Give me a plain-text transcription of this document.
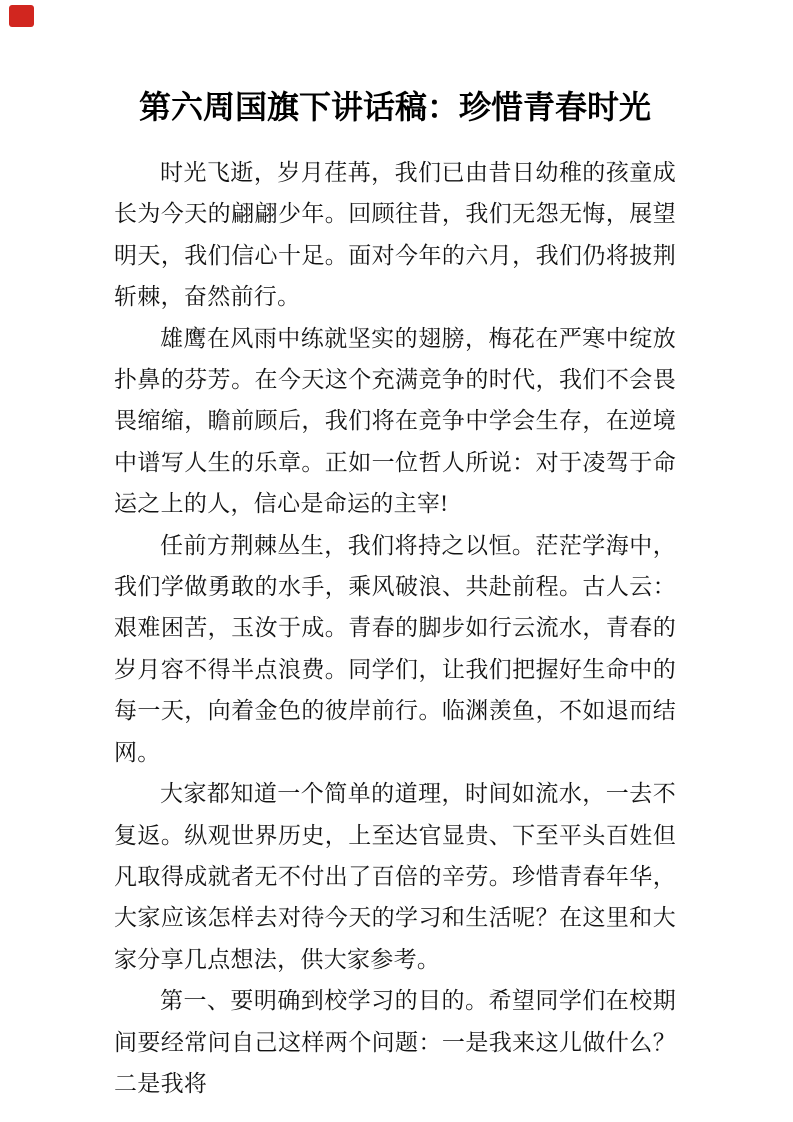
第六周国旗下讲话稿：珍惜青春时光

时光飞逝，岁月荏苒，我们已由昔日幼稚的孩童成长为今天的翩翩少年。回顾往昔，我们无怨无悔，展望明天，我们信心十足。面对今年的六月，我们仍将披荆斩棘，奋然前行。

雄鹰在风雨中练就坚实的翅膀，梅花在严寒中绽放扑鼻的芬芳。在今天这个充满竞争的时代，我们不会畏畏缩缩，瞻前顾后，我们将在竞争中学会生存，在逆境中谱写人生的乐章。正如一位哲人所说：对于凌驾于命运之上的人，信心是命运的主宰!

任前方荆棘丛生，我们将持之以恒。茫茫学海中，我们学做勇敢的水手，乘风破浪、共赴前程。古人云：艰难困苦，玉汝于成。青春的脚步如行云流水，青春的岁月容不得半点浪费。同学们，让我们把握好生命中的每一天，向着金色的彼岸前行。临渊羡鱼，不如退而结网。

大家都知道一个简单的道理，时间如流水，一去不复返。纵观世界历史，上至达官显贵、下至平头百姓但凡取得成就者无不付出了百倍的辛劳。珍惜青春年华，大家应该怎样去对待今天的学习和生活呢？在这里和大家分享几点想法，供大家参考。

第一、要明确到校学习的目的。希望同学们在校期间要经常问自己这样两个问题：一是我来这儿做什么？二是我将
